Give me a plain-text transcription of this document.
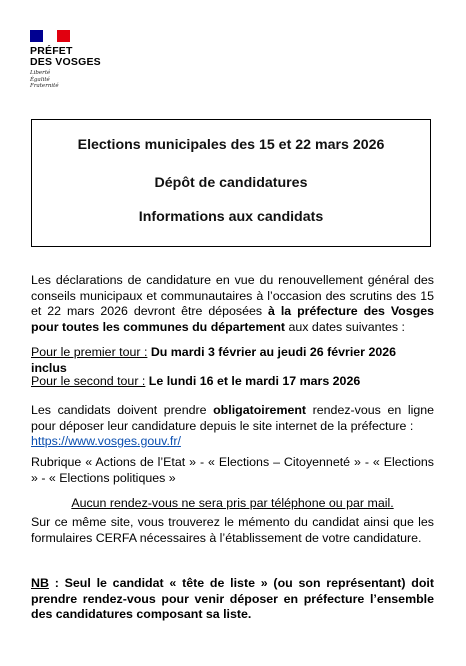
PRÉFET
DES VOSGES
Liberté
Égalité
Fraternité
Elections municipales des 15 et 22 mars 2026
Dépôt de candidatures
Informations aux candidats
Les déclarations de candidature en vue du renouvellement général des conseils municipaux et communautaires à l’occasion des scrutins des 15 et 22 mars 2026 devront être déposées à la préfecture des Vosges pour toutes les communes du département aux dates suivantes :
Pour le premier tour : Du mardi 3 février au jeudi 26 février 2026 inclus
Pour le second tour : Le lundi 16 et le mardi 17 mars 2026
Les candidats doivent prendre obligatoirement rendez-vous en ligne pour déposer leur candidature depuis le site internet de la préfecture :
https://www.vosges.gouv.fr/
Rubrique « Actions de l’Etat » - « Elections – Citoyenneté » - « Elections » - « Elections politiques »
Aucun rendez-vous ne sera pris par téléphone ou par mail.
Sur ce même site, vous trouverez le mémento du candidat ainsi que les formulaires CERFA nécessaires à l’établissement de votre candidature.
NB : Seul le candidat « tête de liste » (ou son représentant) doit prendre rendez-vous pour venir déposer en préfecture l’ensemble des candidatures composant sa liste.
